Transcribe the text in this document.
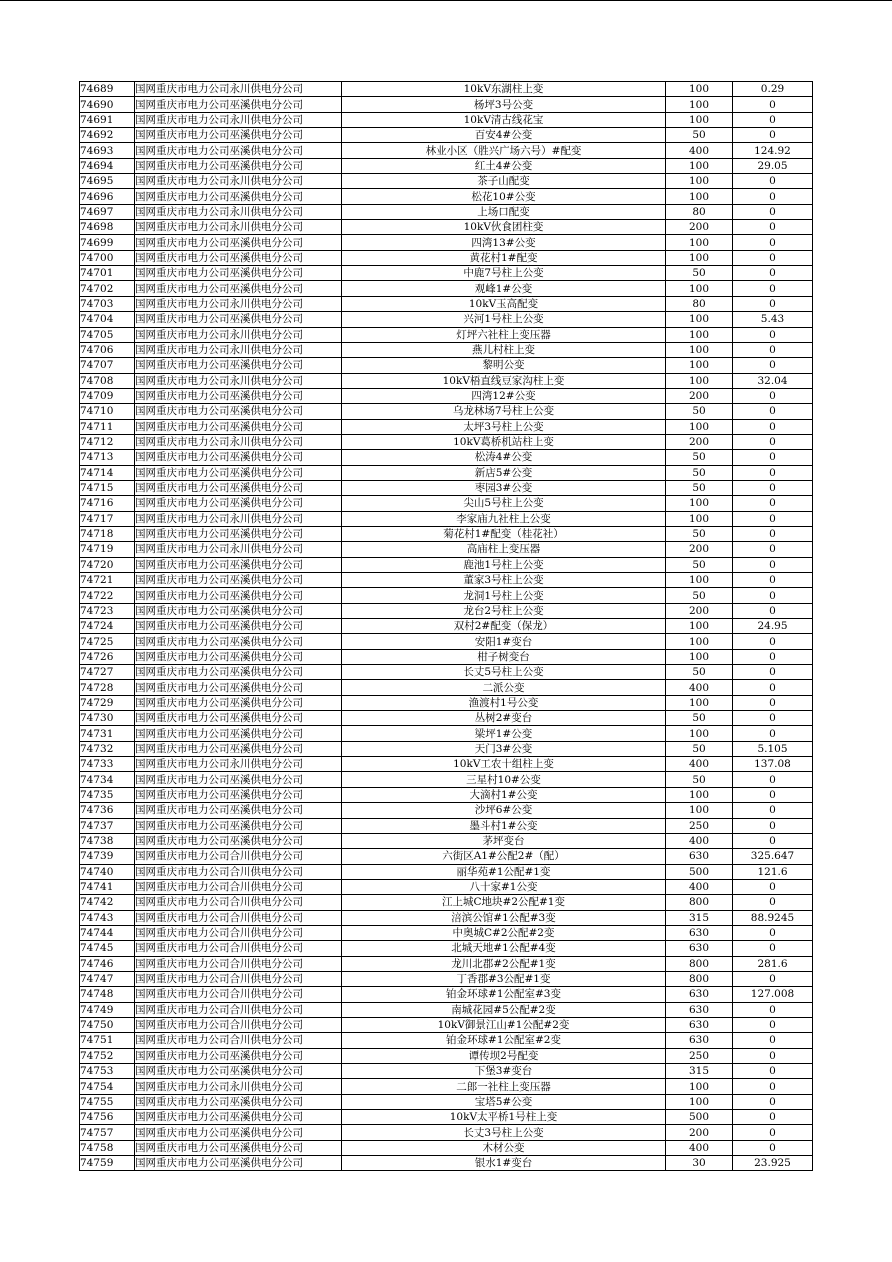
74689	国网重庆市电力公司永川供电分公司	10kV东湖柱上变	100	0.29
74690	国网重庆市电力公司巫溪供电分公司	杨坪3号公变	100	0
74691	国网重庆市电力公司永川供电分公司	10kV清古线花宝	100	0
74692	国网重庆市电力公司巫溪供电分公司	百安4#公变	50	0
74693	国网重庆市电力公司巫溪供电分公司	林业小区（胜兴广场六号）#配变	400	124.92
74694	国网重庆市电力公司巫溪供电分公司	红土4#公变	100	29.05
74695	国网重庆市电力公司永川供电分公司	茶子山配变	100	0
74696	国网重庆市电力公司巫溪供电分公司	松花10#公变	100	0
74697	国网重庆市电力公司永川供电分公司	上场口配变	80	0
74698	国网重庆市电力公司永川供电分公司	10kV伙食团柱变	200	0
74699	国网重庆市电力公司巫溪供电分公司	四湾13#公变	100	0
74700	国网重庆市电力公司巫溪供电分公司	黄花村1#配变	100	0
74701	国网重庆市电力公司巫溪供电分公司	中鹿7号柱上公变	50	0
74702	国网重庆市电力公司巫溪供电分公司	观峰1#公变	100	0
74703	国网重庆市电力公司永川供电分公司	10kV玉高配变	80	0
74704	国网重庆市电力公司巫溪供电分公司	兴河1号柱上公变	100	5.43
74705	国网重庆市电力公司永川供电分公司	灯坪六社柱上变压器	100	0
74706	国网重庆市电力公司永川供电分公司	燕儿村柱上变	100	0
74707	国网重庆市电力公司巫溪供电分公司	黎明公变	100	0
74708	国网重庆市电力公司永川供电分公司	10kV梧直线豆家沟柱上变	100	32.04
74709	国网重庆市电力公司巫溪供电分公司	四湾12#公变	200	0
74710	国网重庆市电力公司巫溪供电分公司	乌龙林场7号柱上公变	50	0
74711	国网重庆市电力公司巫溪供电分公司	太坪3号柱上公变	100	0
74712	国网重庆市电力公司永川供电分公司	10kV葛桥机站柱上变	200	0
74713	国网重庆市电力公司巫溪供电分公司	松涛4#公变	50	0
74714	国网重庆市电力公司巫溪供电分公司	新店5#公变	50	0
74715	国网重庆市电力公司巫溪供电分公司	枣园3#公变	50	0
74716	国网重庆市电力公司巫溪供电分公司	尖山5号柱上公变	100	0
74717	国网重庆市电力公司永川供电分公司	李家庙九社柱上公变	100	0
74718	国网重庆市电力公司巫溪供电分公司	菊花村1#配变（桂花社）	50	0
74719	国网重庆市电力公司永川供电分公司	高庙柱上变压器	200	0
74720	国网重庆市电力公司巫溪供电分公司	鹿池1号柱上公变	50	0
74721	国网重庆市电力公司巫溪供电分公司	董家3号柱上公变	100	0
74722	国网重庆市电力公司巫溪供电分公司	龙洞1号柱上公变	50	0
74723	国网重庆市电力公司巫溪供电分公司	龙台2号柱上公变	200	0
74724	国网重庆市电力公司巫溪供电分公司	双村2#配变（保龙）	100	24.95
74725	国网重庆市电力公司巫溪供电分公司	安阳1#变台	100	0
74726	国网重庆市电力公司巫溪供电分公司	柑子树变台	100	0
74727	国网重庆市电力公司巫溪供电分公司	长丈5号柱上公变	50	0
74728	国网重庆市电力公司巫溪供电分公司	二派公变	400	0
74729	国网重庆市电力公司巫溪供电分公司	渔渡村1号公变	100	0
74730	国网重庆市电力公司巫溪供电分公司	丛树2#变台	50	0
74731	国网重庆市电力公司巫溪供电分公司	梁坪1#公变	100	0
74732	国网重庆市电力公司巫溪供电分公司	天门3#公变	50	5.105
74733	国网重庆市电力公司永川供电分公司	10kV工农十组柱上变	400	137.08
74734	国网重庆市电力公司巫溪供电分公司	三星村10#公变	50	0
74735	国网重庆市电力公司巫溪供电分公司	大滴村1#公变	100	0
74736	国网重庆市电力公司巫溪供电分公司	沙坪6#公变	100	0
74737	国网重庆市电力公司巫溪供电分公司	墨斗村1#公变	250	0
74738	国网重庆市电力公司巫溪供电分公司	茅坪变台	400	0
74739	国网重庆市电力公司合川供电分公司	六街区A1#公配2#（配）	630	325.647
74740	国网重庆市电力公司合川供电分公司	丽华苑#1公配#1变	500	121.6
74741	国网重庆市电力公司合川供电分公司	八十家#1公变	400	0
74742	国网重庆市电力公司合川供电分公司	江上城C地块#2公配#1变	800	0
74743	国网重庆市电力公司合川供电分公司	涪滨公馆#1公配#3变	315	88.9245
74744	国网重庆市电力公司合川供电分公司	中奥城C#2公配#2变	630	0
74745	国网重庆市电力公司合川供电分公司	北城天地#1公配#4变	630	0
74746	国网重庆市电力公司合川供电分公司	龙川北郡#2公配#1变	800	281.6
74747	国网重庆市电力公司合川供电分公司	丁香郡#3公配#1变	800	0
74748	国网重庆市电力公司合川供电分公司	铂金环球#1公配室#3变	630	127.008
74749	国网重庆市电力公司合川供电分公司	南城花园#5公配#2变	630	0
74750	国网重庆市电力公司合川供电分公司	10kV御景江山#1公配#2变	630	0
74751	国网重庆市电力公司合川供电分公司	铂金环球#1公配室#2变	630	0
74752	国网重庆市电力公司巫溪供电分公司	谭传坝2号配变	250	0
74753	国网重庆市电力公司巫溪供电分公司	下堡3#变台	315	0
74754	国网重庆市电力公司永川供电分公司	二郎一社柱上变压器	100	0
74755	国网重庆市电力公司巫溪供电分公司	宝塔5#公变	100	0
74756	国网重庆市电力公司巫溪供电分公司	10kV太平桥1号柱上变	500	0
74757	国网重庆市电力公司巫溪供电分公司	长丈3号柱上公变	200	0
74758	国网重庆市电力公司巫溪供电分公司	木材公变	400	0
74759	国网重庆市电力公司巫溪供电分公司	银水1#变台	30	23.925
